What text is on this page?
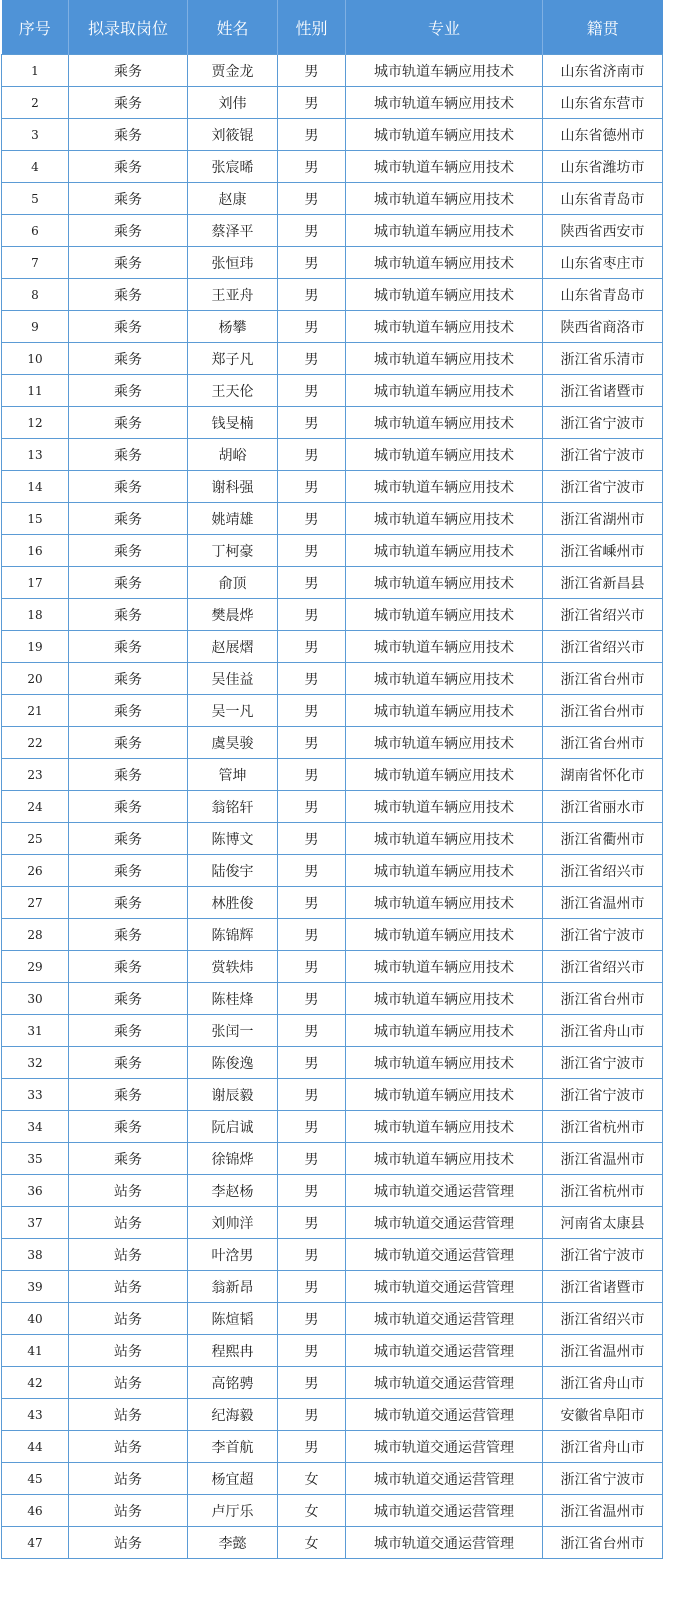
序号	拟录取岗位	姓名	性别	专业	籍贯
1	乘务	贾金龙	男	城市轨道车辆应用技术	山东省济南市
2	乘务	刘伟	男	城市轨道车辆应用技术	山东省东营市
3	乘务	刘筱锟	男	城市轨道车辆应用技术	山东省德州市
4	乘务	张宸晞	男	城市轨道车辆应用技术	山东省潍坊市
5	乘务	赵康	男	城市轨道车辆应用技术	山东省青岛市
6	乘务	蔡泽平	男	城市轨道车辆应用技术	陕西省西安市
7	乘务	张恒玮	男	城市轨道车辆应用技术	山东省枣庄市
8	乘务	王亚舟	男	城市轨道车辆应用技术	山东省青岛市
9	乘务	杨攀	男	城市轨道车辆应用技术	陕西省商洛市
10	乘务	郑子凡	男	城市轨道车辆应用技术	浙江省乐清市
11	乘务	王天伦	男	城市轨道车辆应用技术	浙江省诸暨市
12	乘务	钱旻楠	男	城市轨道车辆应用技术	浙江省宁波市
13	乘务	胡峪	男	城市轨道车辆应用技术	浙江省宁波市
14	乘务	谢科强	男	城市轨道车辆应用技术	浙江省宁波市
15	乘务	姚靖雄	男	城市轨道车辆应用技术	浙江省湖州市
16	乘务	丁柯豪	男	城市轨道车辆应用技术	浙江省嵊州市
17	乘务	俞顶	男	城市轨道车辆应用技术	浙江省新昌县
18	乘务	樊晨烨	男	城市轨道车辆应用技术	浙江省绍兴市
19	乘务	赵展熠	男	城市轨道车辆应用技术	浙江省绍兴市
20	乘务	吴佳益	男	城市轨道车辆应用技术	浙江省台州市
21	乘务	吴一凡	男	城市轨道车辆应用技术	浙江省台州市
22	乘务	虞昊骏	男	城市轨道车辆应用技术	浙江省台州市
23	乘务	管坤	男	城市轨道车辆应用技术	湖南省怀化市
24	乘务	翁铭轩	男	城市轨道车辆应用技术	浙江省丽水市
25	乘务	陈博文	男	城市轨道车辆应用技术	浙江省衢州市
26	乘务	陆俊宇	男	城市轨道车辆应用技术	浙江省绍兴市
27	乘务	林胜俊	男	城市轨道车辆应用技术	浙江省温州市
28	乘务	陈锦辉	男	城市轨道车辆应用技术	浙江省宁波市
29	乘务	赏轶炜	男	城市轨道车辆应用技术	浙江省绍兴市
30	乘务	陈桂烽	男	城市轨道车辆应用技术	浙江省台州市
31	乘务	张闰一	男	城市轨道车辆应用技术	浙江省舟山市
32	乘务	陈俊逸	男	城市轨道车辆应用技术	浙江省宁波市
33	乘务	谢辰毅	男	城市轨道车辆应用技术	浙江省宁波市
34	乘务	阮启诚	男	城市轨道车辆应用技术	浙江省杭州市
35	乘务	徐锦烨	男	城市轨道车辆应用技术	浙江省温州市
36	站务	李赵杨	男	城市轨道交通运营管理	浙江省杭州市
37	站务	刘帅洋	男	城市轨道交通运营管理	河南省太康县
38	站务	叶浛男	男	城市轨道交通运营管理	浙江省宁波市
39	站务	翁新昂	男	城市轨道交通运营管理	浙江省诸暨市
40	站务	陈煊韬	男	城市轨道交通运营管理	浙江省绍兴市
41	站务	程熙冉	男	城市轨道交通运营管理	浙江省温州市
42	站务	高铭骋	男	城市轨道交通运营管理	浙江省舟山市
43	站务	纪海毅	男	城市轨道交通运营管理	安徽省阜阳市
44	站务	李首航	男	城市轨道交通运营管理	浙江省舟山市
45	站务	杨宜超	女	城市轨道交通运营管理	浙江省宁波市
46	站务	卢厅乐	女	城市轨道交通运营管理	浙江省温州市
47	站务	李懿	女	城市轨道交通运营管理	浙江省台州市
